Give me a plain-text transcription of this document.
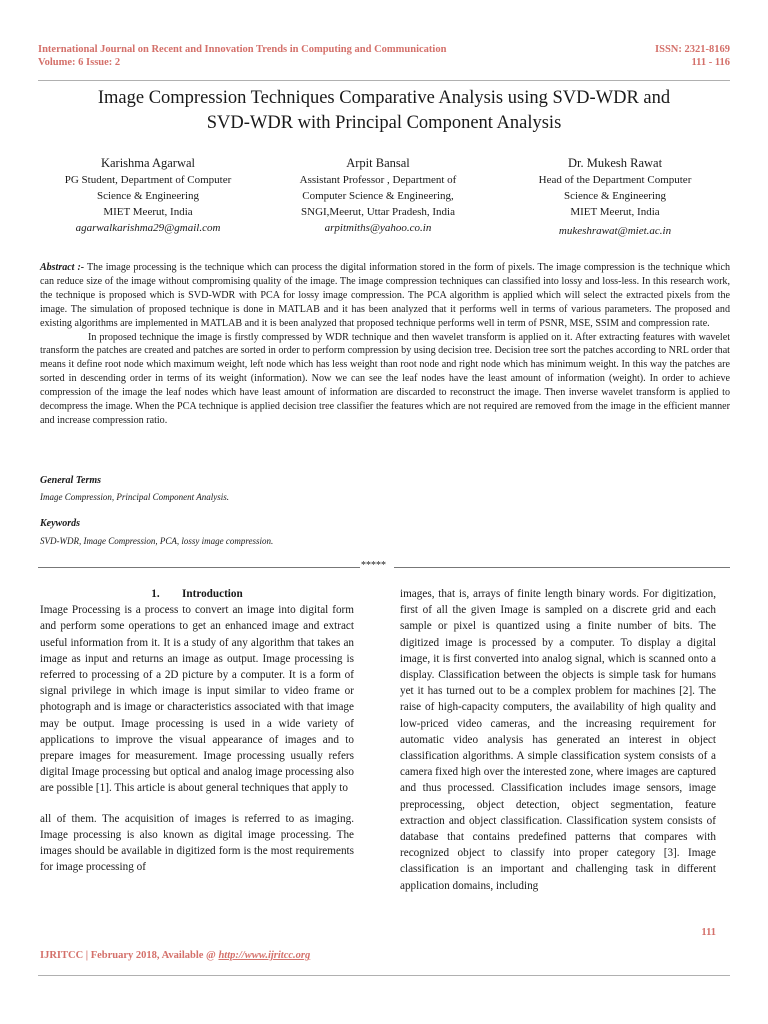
International Journal on Recent and Innovation Trends in Computing and Communication	ISSN: 2321-8169
Volume: 6 Issue: 2	111 - 116
Image Compression Techniques Comparative Analysis using SVD-WDR and
SVD-WDR with Principal Component Analysis
Karishma Agarwal
PG Student, Department of Computer
Science & Engineering
MIET Meerut, India
agarwalkarishma29@gmail.com
Arpit Bansal
Assistant Professor , Department of
Computer Science & Engineering,
SNGI,Meerut, Uttar Pradesh, India
arpitmiths@yahoo.co.in
Dr. Mukesh Rawat
Head of the Department Computer
Science & Engineering
MIET Meerut, India
mukeshrawat@miet.ac.in
Abstract :- The image processing is the technique which can process the digital information stored in the form of pixels. The image compression is the technique which can reduce size of the image without compromising quality of the image. The image compression techniques can classified into lossy and loss-less. In this research work, the technique is proposed which is SVD-WDR with PCA for lossy image compression. The PCA algorithm is applied which will select the extracted pixels from the image. The simulation of proposed technique is done in MATLAB and it has been analyzed that it performs well in terms of various parameters. The proposed and existing algorithms are implemented in MATLAB and it is been analyzed that proposed technique performs well in term of PSNR, MSE, SSIM and compression rate.
In proposed technique the image is firstly compressed by WDR technique and then wavelet transform is applied on it. After extracting features with wavelet transform the patches are created and patches are sorted in order to perform compression by using decision tree. Decision tree sort the patches according to NRL order that means it define root node which maximum weight, left node which has less weight than root node and right node which has minimum weight. In this way the patches are sorted in descending order in terms of its weight (information). Now we can see the leaf nodes have the least amount of information (weight). In order to achieve compression of the image the leaf nodes which have least amount of information are discarded to reconstruct the image. Then inverse wavelet transform is applied to decompress the image. When the PCA technique is applied decision tree classifier the features which are not required are removed from the image in the efficient manner and increase compression ratio.
General Terms
Image Compression, Principal Component Analysis.
Keywords
SVD-WDR, Image Compression, PCA, lossy image compression.
*****
1.        Introduction
Image Processing is a process to convert an image into digital form and perform some operations to get an enhanced image and extract useful information from it. It is a study of any algorithm that takes an image as input and returns an image as output. Image processing is referred to processing of a 2D picture by a computer. It is a form of signal privilege in which image is input similar to video frame or photograph and is image or characteristics associated with that image may be output. Image processing is used in a wide variety of applications to improve the visual appearance of images and to prepare images for measurement. Image processing usually refers digital Image processing but optical and analog image processing also are possible [1]. This article is about general techniques that apply to
all of them. The acquisition of images is referred to as imaging. Image processing is also known as digital image processing. The images should be available in digitized form is the most requirements for image processing of
images, that is, arrays of finite length binary words. For digitization, first of all the given Image is sampled on a discrete grid and each sample or pixel is quantized using a finite number of bits. The digitized image is processed by a computer. To display a digital image, it is first converted into analog signal, which is scanned onto a display. Classification between the objects is simple task for humans yet it has turned out to be a complex problem for machines [2]. The raise of high-capacity computers, the availability of high quality and low-priced video cameras, and the increasing requirement for automatic video analysis has generated an interest in object classification algorithms. A simple classification system consists of a camera fixed high over the interested zone, where images are captured and thus processed. Classification includes image sensors, image preprocessing, object detection, object segmentation, feature extraction and object classification. Classification system consists of database that contains predefined patterns that compares with recognized object to classify into proper category [3]. Image classification is an important and challenging task in different application domains, including
111
IJRITCC | February 2018, Available @ http://www.ijritcc.org
